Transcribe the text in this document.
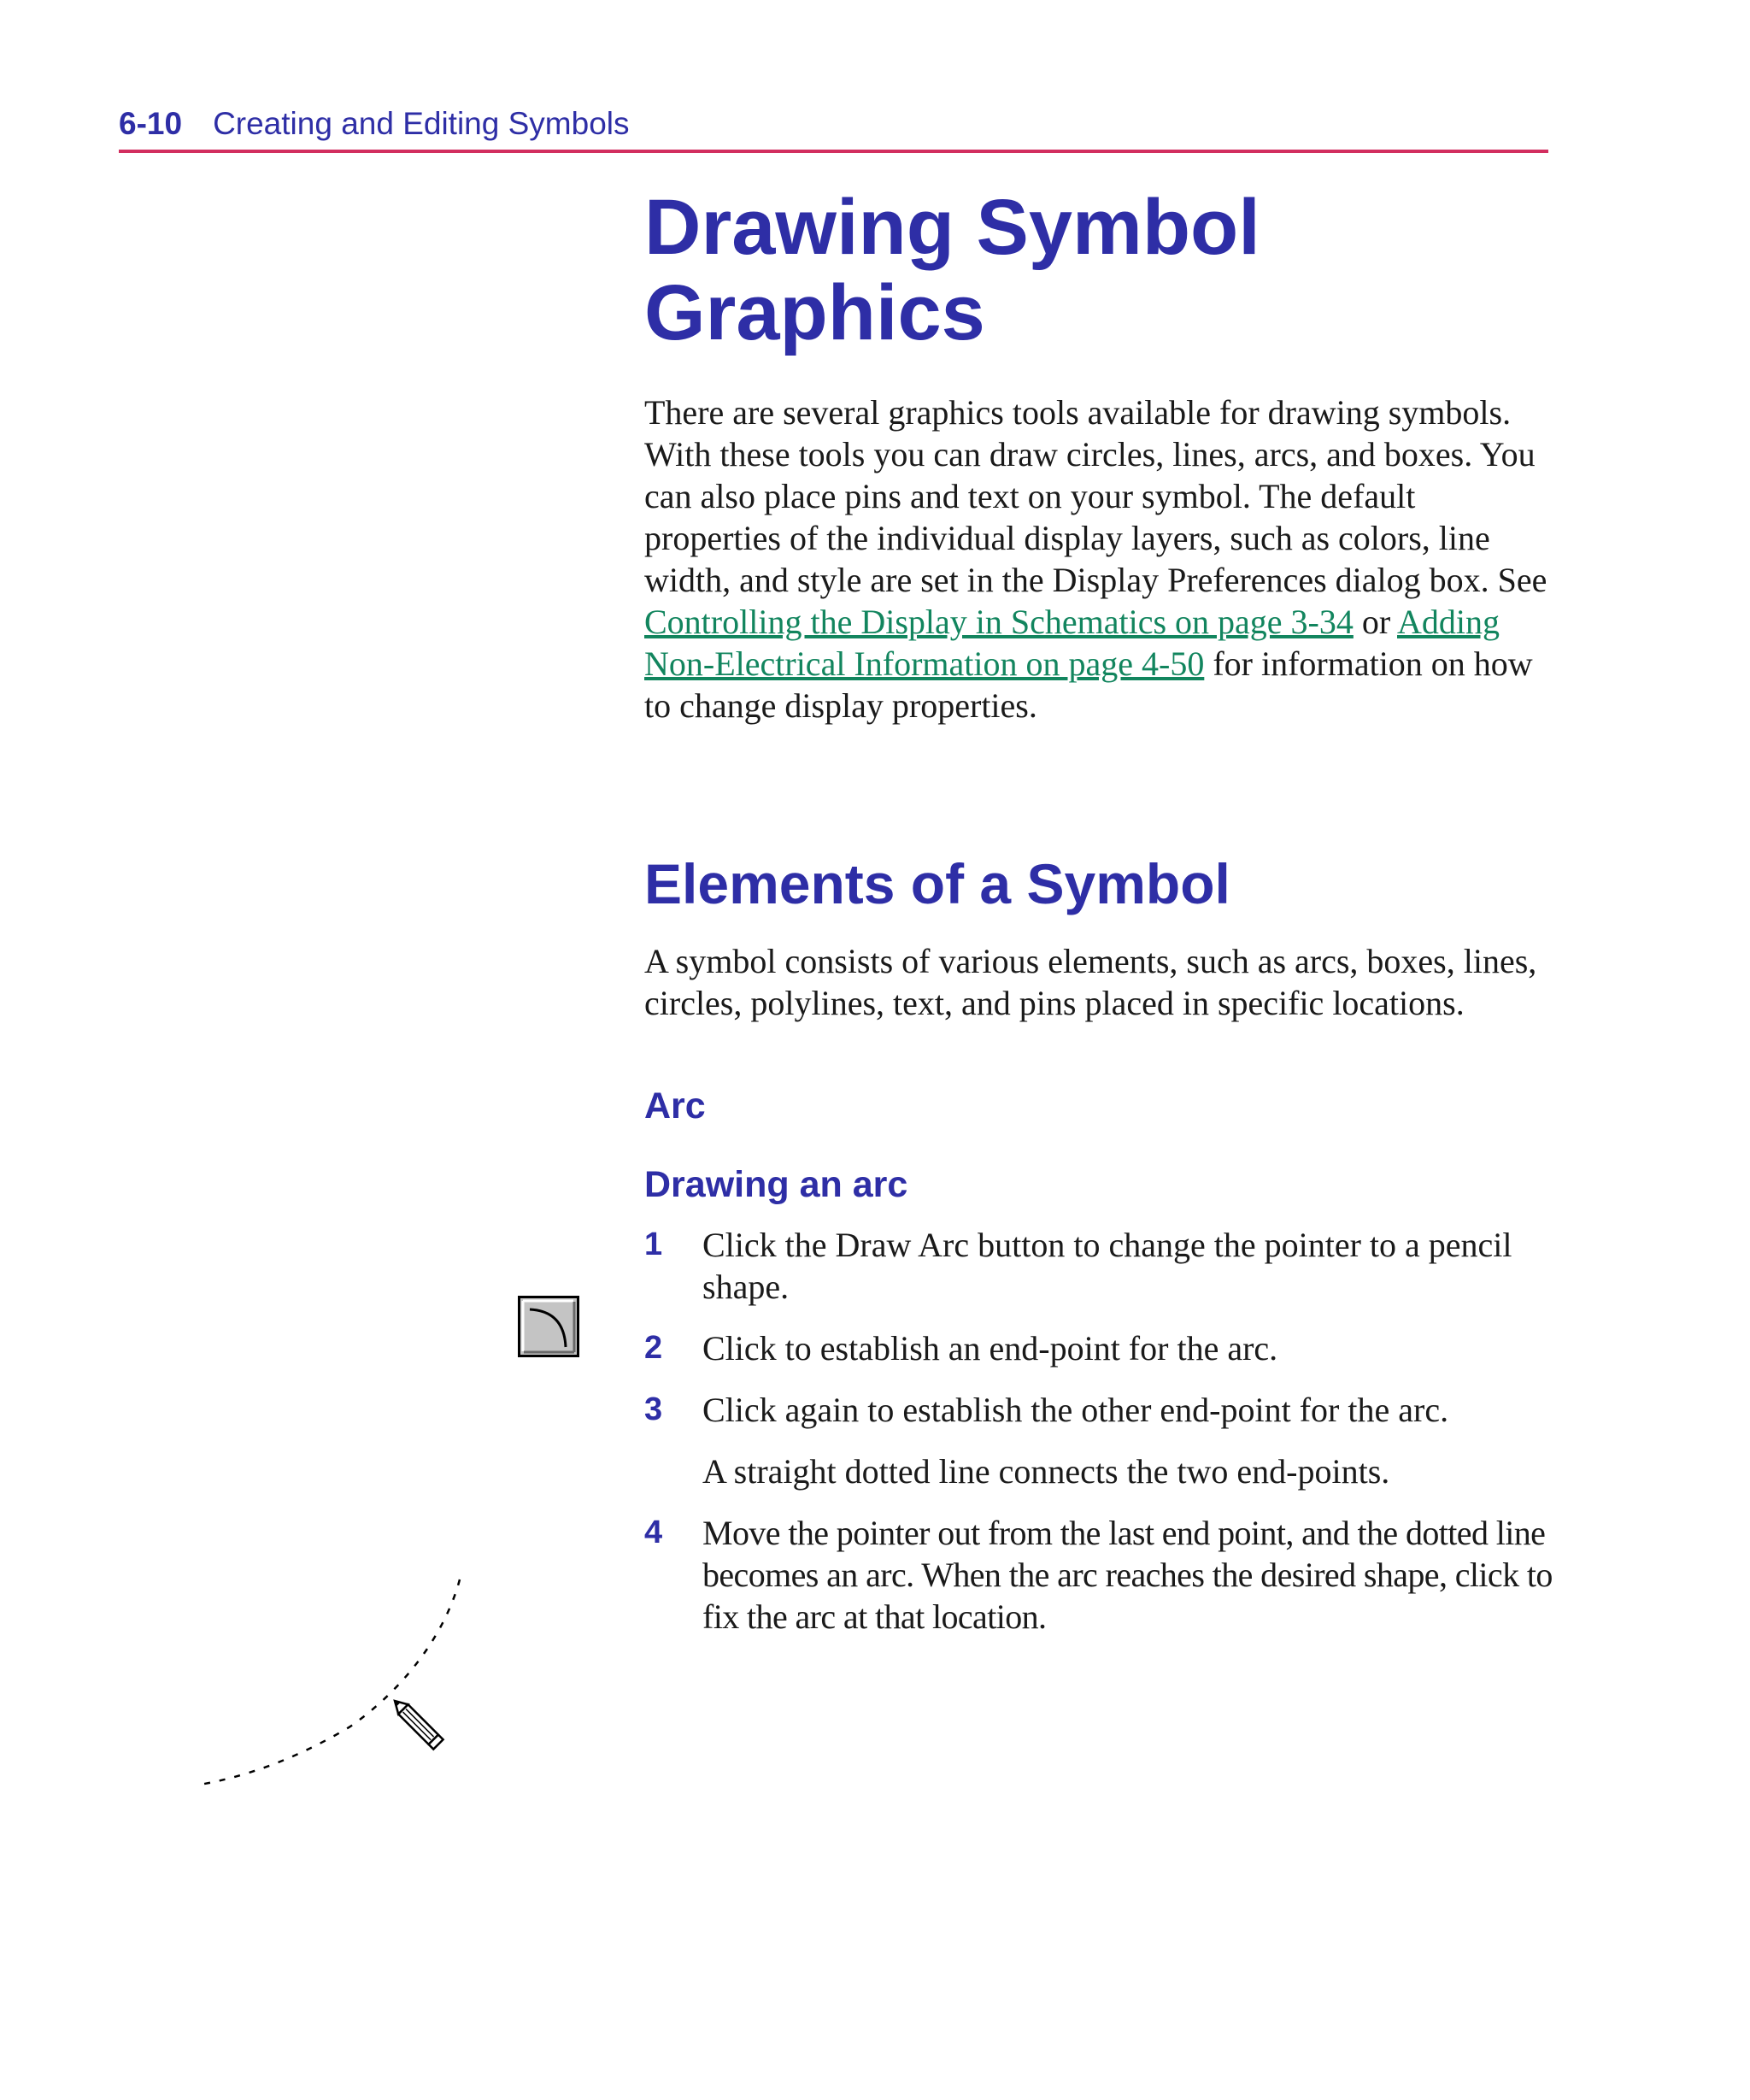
6-10 Creating and Editing Symbols
Drawing Symbol
Graphics

There are several graphics tools available for drawing symbols. With these tools you can draw circles, lines, arcs, and boxes. You can also place pins and text on your symbol. The default properties of the individual display layers, such as colors, line width, and style are set in the Display Preferences dialog box. See Controlling the Display in Schematics on page 3-34 or Adding Non-Electrical Information on page 4-50 for information on how to change display properties.

Elements of a Symbol

A symbol consists of various elements, such as arcs, boxes, lines, circles, polylines, text, and pins placed in specific locations.

Arc
Drawing an arc
1 Click the Draw Arc button to change the pointer to a pencil shape.
2 Click to establish an end-point for the arc.
3 Click again to establish the other end-point for the arc.
A straight dotted line connects the two end-points.
4 Move the pointer out from the last end point, and the dotted line becomes an arc. When the arc reaches the desired shape, click to fix the arc at that location.
